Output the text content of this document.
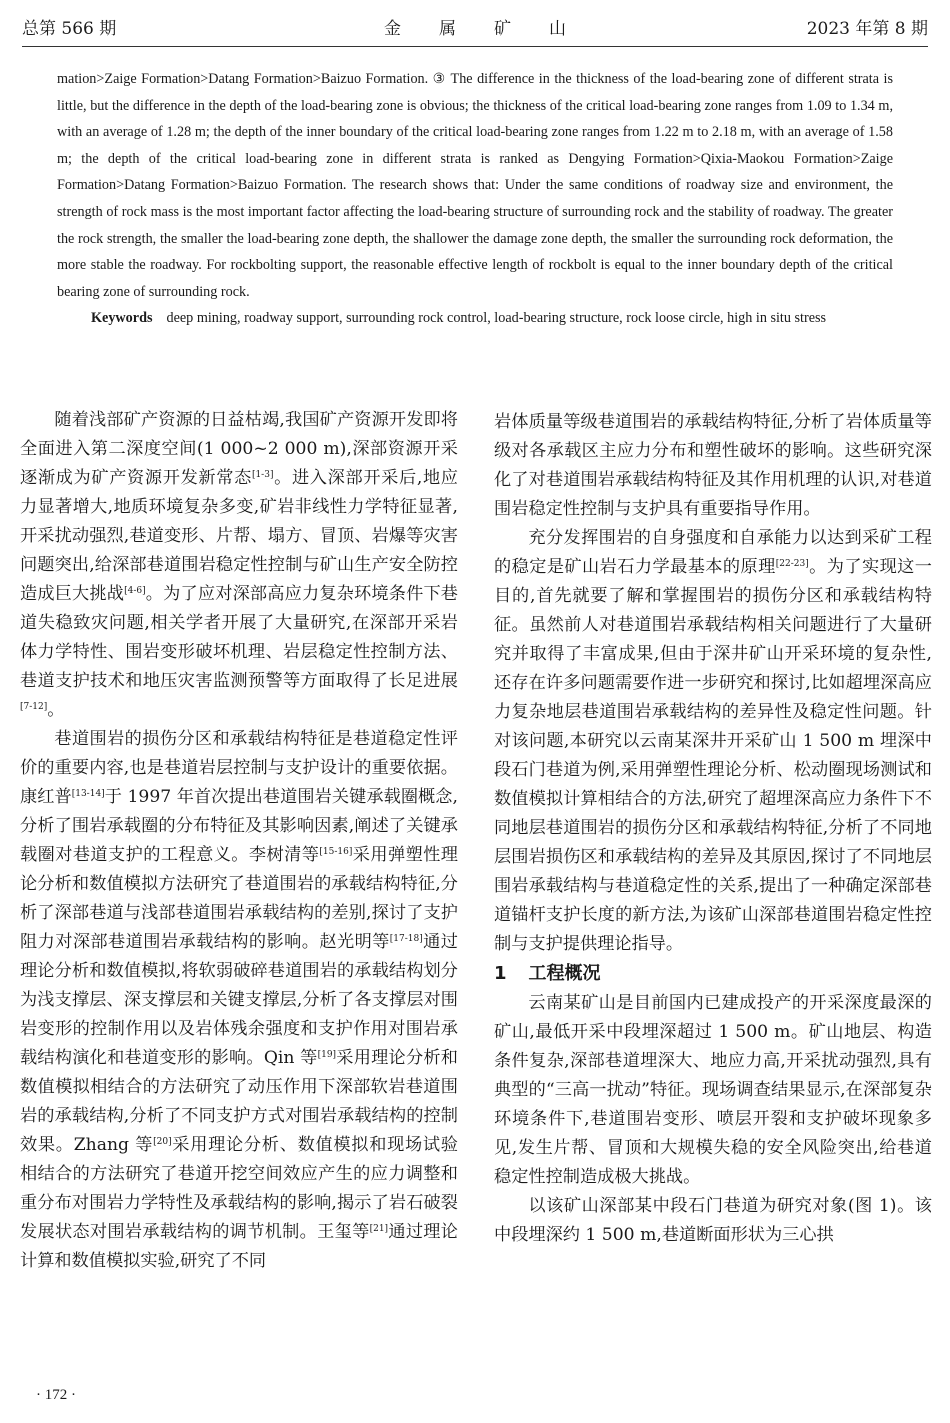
总第 566 期	金属矿山	2023 年第 8 期

mation>Zaige Formation>Datang Formation>Baizuo Formation. ③ The difference in the thickness of the load-bearing zone of different strata is little, but the difference in the depth of the load-bearing zone is obvious; the thickness of the critical load-bearing zone ranges from 1.09 to 1.34 m, with an average of 1.28 m; the depth of the inner boundary of the critical load-bearing zone ranges from 1.22 m to 2.18 m, with an average of 1.58 m; the depth of the critical load-bearing zone in different strata is ranked as Dengying Formation>Qixia-Maokou Formation>Zaige Formation>Datang Formation>Baizuo Formation. The research shows that: Under the same conditions of roadway size and environment, the strength of rock mass is the most important factor affecting the load-bearing structure of surrounding rock and the stability of roadway. The greater the rock strength, the smaller the load-bearing zone depth, the shallower the damage zone depth, the smaller the surrounding rock deformation, the more stable the roadway. For rockbolting support, the reasonable effective length of rockbolt is equal to the inner boundary depth of the critical bearing zone of surrounding rock.

Keywords deep mining, roadway support, surrounding rock control, load-bearing structure, rock loose circle, high in situ stress

随着浅部矿产资源的日益枯竭,我国矿产资源开发即将全面进入第二深度空间(1 000~2 000 m),深部资源开采逐渐成为矿产资源开发新常态[1-3]。进入深部开采后,地应力显著增大,地质环境复杂多变,矿岩非线性力学特征显著,开采扰动强烈,巷道变形、片帮、塌方、冒顶、岩爆等灾害问题突出,给深部巷道围岩稳定性控制与矿山生产安全防控造成巨大挑战[4-6]。为了应对深部高应力复杂环境条件下巷道失稳致灾问题,相关学者开展了大量研究,在深部开采岩体力学特性、围岩变形破坏机理、岩层稳定性控制方法、巷道支护技术和地压灾害监测预警等方面取得了长足进展[7-12]。

巷道围岩的损伤分区和承载结构特征是巷道稳定性评价的重要内容,也是巷道岩层控制与支护设计的重要依据。康红普[13-14]于 1997 年首次提出巷道围岩关键承载圈概念,分析了围岩承载圈的分布特征及其影响因素,阐述了关键承载圈对巷道支护的工程意义。李树清等[15-16]采用弹塑性理论分析和数值模拟方法研究了巷道围岩的承载结构特征,分析了深部巷道与浅部巷道围岩承载结构的差别,探讨了支护阻力对深部巷道围岩承载结构的影响。赵光明等[17-18]通过理论分析和数值模拟,将软弱破碎巷道围岩的承载结构划分为浅支撑层、深支撑层和关键支撑层,分析了各支撑层对围岩变形的控制作用以及岩体残余强度和支护作用对围岩承载结构演化和巷道变形的影响。Qin 等[19]采用理论分析和数值模拟相结合的方法研究了动压作用下深部软岩巷道围岩的承载结构,分析了不同支护方式对围岩承载结构的控制效果。Zhang 等[20]采用理论分析、数值模拟和现场试验相结合的方法研究了巷道开挖空间效应产生的应力调整和重分布对围岩力学特性及承载结构的影响,揭示了岩石破裂发展状态对围岩承载结构的调节机制。王玺等[21]通过理论计算和数值模拟实验,研究了不同

岩体质量等级巷道围岩的承载结构特征,分析了岩体质量等级对各承载区主应力分布和塑性破坏的影响。这些研究深化了对巷道围岩承载结构特征及其作用机理的认识,对巷道围岩稳定性控制与支护具有重要指导作用。

充分发挥围岩的自身强度和自承能力以达到采矿工程的稳定是矿山岩石力学最基本的原理[22-23]。为了实现这一目的,首先就要了解和掌握围岩的损伤分区和承载结构特征。虽然前人对巷道围岩承载结构相关问题进行了大量研究并取得了丰富成果,但由于深井矿山开采环境的复杂性,还存在许多问题需要作进一步研究和探讨,比如超埋深高应力复杂地层巷道围岩承载结构的差异性及稳定性问题。针对该问题,本研究以云南某深井开采矿山 1 500 m 埋深中段石门巷道为例,采用弹塑性理论分析、松动圈现场测试和数值模拟计算相结合的方法,研究了超埋深高应力条件下不同地层巷道围岩的损伤分区和承载结构特征,分析了不同地层围岩损伤区和承载结构的差异及其原因,探讨了不同地层围岩承载结构与巷道稳定性的关系,提出了一种确定深部巷道锚杆支护长度的新方法,为该矿山深部巷道围岩稳定性控制与支护提供理论指导。

1 工程概况

云南某矿山是目前国内已建成投产的开采深度最深的矿山,最低开采中段埋深超过 1 500 m。矿山地层、构造条件复杂,深部巷道埋深大、地应力高,开采扰动强烈,具有典型的“三高一扰动”特征。现场调查结果显示,在深部复杂环境条件下,巷道围岩变形、喷层开裂和支护破坏现象多见,发生片帮、冒顶和大规模失稳的安全风险突出,给巷道稳定性控制造成极大挑战。

以该矿山深部某中段石门巷道为研究对象(图 1)。该中段埋深约 1 500 m,巷道断面形状为三心拱

· 172 ·
